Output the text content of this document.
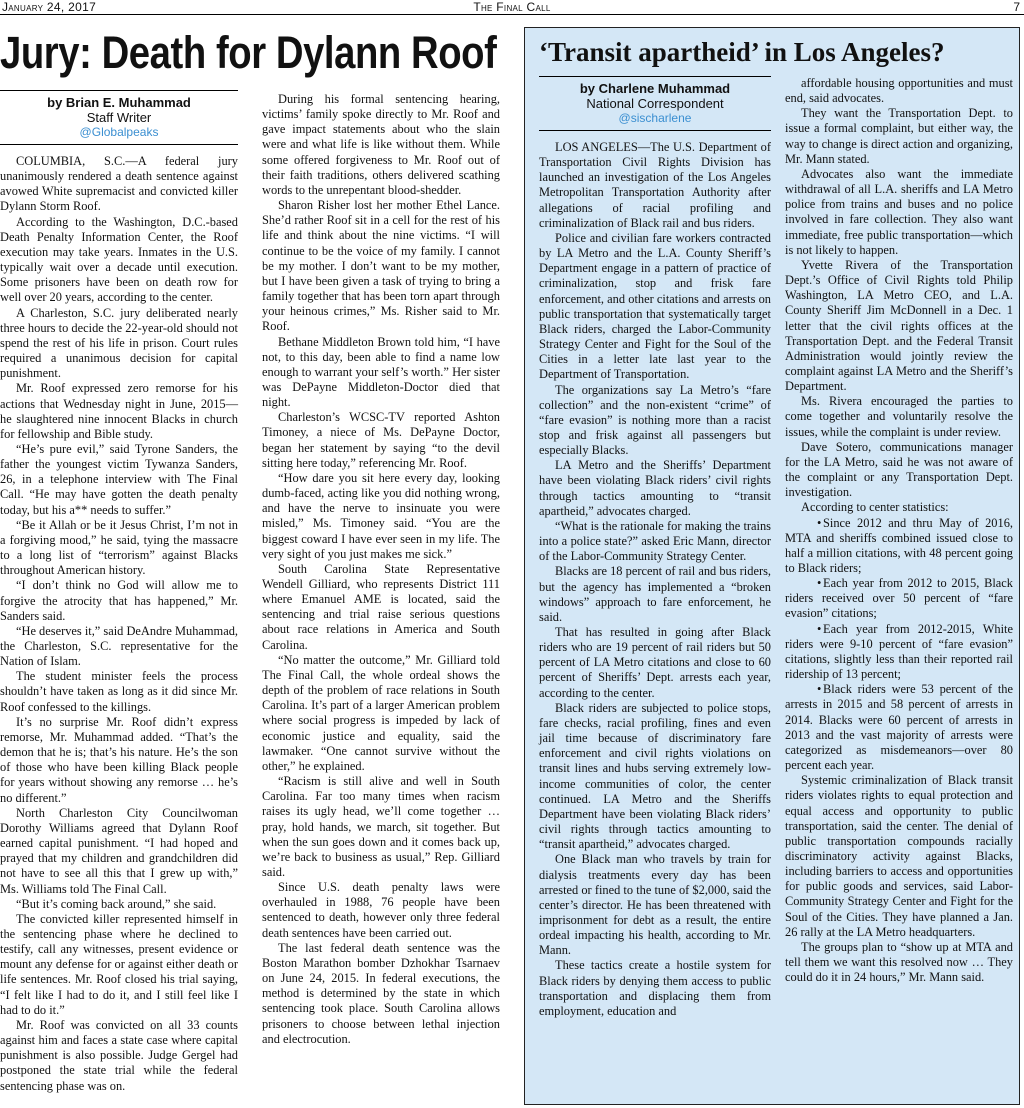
The Final Call
January 24, 2017	7
Jury: Death for Dylann Roof
by Brian E. Muhammad
Staff Writer
@Globalpeaks

COLUMBIA, S.C.—A federal jury unanimously rendered a death sentence against avowed White supremacist and convicted killer Dylann Storm Roof.

According to the Washington, D.C.-based Death Penalty Information Center, the Roof execution may take years. Inmates in the U.S. typically wait over a decade until execution. Some prisoners have been on death row for well over 20 years, according to the center.

A Charleston, S.C. jury deliberated nearly three hours to decide the 22-year-old should not spend the rest of his life in prison. Court rules required a unanimous decision for capital punishment.

Mr. Roof expressed zero remorse for his actions that Wednesday night in June, 2015—he slaughtered nine innocent Blacks in church for fellowship and Bible study.

“He’s pure evil,” said Tyrone Sanders, the father the youngest victim Tywanza Sanders, 26, in a telephone interview with The Final Call. “He may have gotten the death penalty today, but his a** needs to suffer.”

“Be it Allah or be it Jesus Christ, I’m not in a forgiving mood,” he said, tying the massacre to a long list of “terrorism” against Blacks throughout American history.

“I don’t think no God will allow me to forgive the atrocity that has happened,” Mr. Sanders said.

“He deserves it,” said DeAndre Muhammad, the Charleston, S.C. representative for the Nation of Islam.

The student minister feels the process shouldn’t have taken as long as it did since Mr. Roof confessed to the killings.

It’s no surprise Mr. Roof didn’t express remorse, Mr. Muhammad added. “That’s the demon that he is; that’s his nature. He’s the son of those who have been killing Black people for years without showing any remorse … he’s no different.”

North Charleston City Councilwoman Dorothy Williams agreed that Dylann Roof earned capital punishment. “I had hoped and prayed that my children and grandchildren did not have to see all this that I grew up with,” Ms. Williams told The Final Call.

“But it’s coming back around,” she said.

The convicted killer represented himself in the sentencing phase where he declined to testify, call any witnesses, present evidence or mount any defense for or against either death or life sentences. Mr. Roof closed his trial saying, “I felt like I had to do it, and I still feel like I had to do it.”

Mr. Roof was convicted on all 33 counts against him and faces a state case where capital punishment is also possible. Judge Gergel had postponed the state trial while the federal sentencing phase was on.

During his formal sentencing hearing, victims’ family spoke directly to Mr. Roof and gave impact statements about who the slain were and what life is like without them. While some offered forgiveness to Mr. Roof out of their faith traditions, others delivered scathing words to the unrepentant blood-shedder.

Sharon Risher lost her mother Ethel Lance. She’d rather Roof sit in a cell for the rest of his life and think about the nine victims. “I will continue to be the voice of my family. I cannot be my mother. I don’t want to be my mother, but I have been given a task of trying to bring a family together that has been torn apart through your heinous crimes,” Ms. Risher said to Mr. Roof.

Bethane Middleton Brown told him, “I have not, to this day, been able to find a name low enough to warrant your self’s worth.” Her sister was DePayne Middleton-Doctor died that night.

Charleston’s WCSC-TV reported Ashton Timoney, a niece of Ms. DePayne Doctor, began her statement by saying “to the devil sitting here today,” referencing Mr. Roof.

“How dare you sit here every day, looking dumb-faced, acting like you did nothing wrong, and have the nerve to insinuate you were misled,” Ms. Timoney said. “You are the biggest coward I have ever seen in my life. The very sight of you just makes me sick.”

South Carolina State Representative Wendell Gilliard, who represents District 111 where Emanuel AME is located, said the sentencing and trial raise serious questions about race relations in America and South Carolina.

“No matter the outcome,” Mr. Gilliard told The Final Call, the whole ordeal shows the depth of the problem of race relations in South Carolina. It’s part of a larger American problem where social progress is impeded by lack of economic justice and equality, said the lawmaker. “One cannot survive without the other,” he explained.

“Racism is still alive and well in South Carolina. Far too many times when racism raises its ugly head, we’ll come together … pray, hold hands, we march, sit together. But when the sun goes down and it comes back up, we’re back to business as usual,” Rep. Gilliard said.

Since U.S. death penalty laws were overhauled in 1988, 76 people have been sentenced to death, however only three federal death sentences have been carried out.

The last federal death sentence was the Boston Marathon bomber Dzhokhar Tsarnaev on June 24, 2015. In federal executions, the method is determined by the state in which sentencing took place. South Carolina allows prisoners to choose between lethal injection and electrocution.

‘Transit apartheid’ in Los Angeles?
by Charlene Muhammad
National Correspondent
@sischarlene

LOS ANGELES—The U.S. Department of Transportation Civil Rights Division has launched an investigation of the Los Angeles Metropolitan Transportation Authority after allegations of racial profiling and criminalization of Black rail and bus riders.

Police and civilian fare workers contracted by LA Metro and the L.A. County Sheriff’s Department engage in a pattern of practice of criminalization, stop and frisk fare enforcement, and other citations and arrests on public transportation that systematically target Black riders, charged the Labor-Community Strategy Center and Fight for the Soul of the Cities in a letter late last year to the Department of Transportation.

The organizations say La Metro’s “fare collection” and the non-existent “crime” of “fare evasion” is nothing more than a racist stop and frisk against all passengers but especially Blacks.

LA Metro and the Sheriffs’ Department have been violating Black riders’ civil rights through tactics amounting to “transit apartheid,” advocates charged.

“What is the rationale for making the trains into a police state?” asked Eric Mann, director of the Labor-Community Strategy Center.

Blacks are 18 percent of rail and bus riders, but the agency has implemented a “broken windows” approach to fare enforcement, he said.

That has resulted in going after Black riders who are 19 percent of rail riders but 50 percent of LA Metro citations and close to 60 percent of Sheriffs’ Dept. arrests each year, according to the center.

Black riders are subjected to police stops, fare checks, racial profiling, fines and even jail time because of discriminatory fare enforcement and civil rights violations on transit lines and hubs serving extremely low-income communities of color, the center continued. LA Metro and the Sheriffs Department have been violating Black riders’ civil rights through tactics amounting to “transit apartheid,” advocates charged.

One Black man who travels by train for dialysis treatments every day has been arrested or fined to the tune of $2,000, said the center’s director. He has been threatened with imprisonment for debt as a result, the entire ordeal impacting his health, according to Mr. Mann.

These tactics create a hostile system for Black riders by denying them access to public transportation and displacing them from employment, education and

affordable housing opportunities and must end, said advocates.

They want the Transportation Dept. to issue a formal complaint, but either way, the way to change is direct action and organizing, Mr. Mann stated.

Advocates also want the immediate withdrawal of all L.A. sheriffs and LA Metro police from trains and buses and no police involved in fare collection. They also want immediate, free public transportation—which is not likely to happen.

Yvette Rivera of the Transportation Dept.’s Office of Civil Rights told Philip Washington, LA Metro CEO, and L.A. County Sheriff Jim McDonnell in a Dec. 1 letter that the civil rights offices at the Transportation Dept. and the Federal Transit Administration would jointly review the complaint against LA Metro and the Sheriff’s Department.

Ms. Rivera encouraged the parties to come together and voluntarily resolve the issues, while the complaint is under review.

Dave Sotero, communications manager for the LA Metro, said he was not aware of the complaint or any Transportation Dept. investigation.

According to center statistics:

• Since 2012 and thru May of 2016, MTA and sheriffs combined issued close to half a million citations, with 48 percent going to Black riders;

• Each year from 2012 to 2015, Black riders received over 50 percent of “fare evasion” citations;

• Each year from 2012-2015, White riders were 9-10 percent of “fare evasion” citations, slightly less than their reported rail ridership of 13 percent;

• Black riders were 53 percent of the arrests in 2015 and 58 percent of arrests in 2014. Blacks were 60 percent of arrests in 2013 and the vast majority of arrests were categorized as misdemeanors—over 80 percent each year.

Systemic criminalization of Black transit riders violates rights to equal protection and equal access and opportunity to public transportation, said the center. The denial of public transportation compounds racially discriminatory activity against Blacks, including barriers to access and opportunities for public goods and services, said Labor-Community Strategy Center and Fight for the Soul of the Cities. They have planned a Jan. 26 rally at the LA Metro headquarters.

The groups plan to “show up at MTA and tell them we want this resolved now … They could do it in 24 hours,” Mr. Mann said.
